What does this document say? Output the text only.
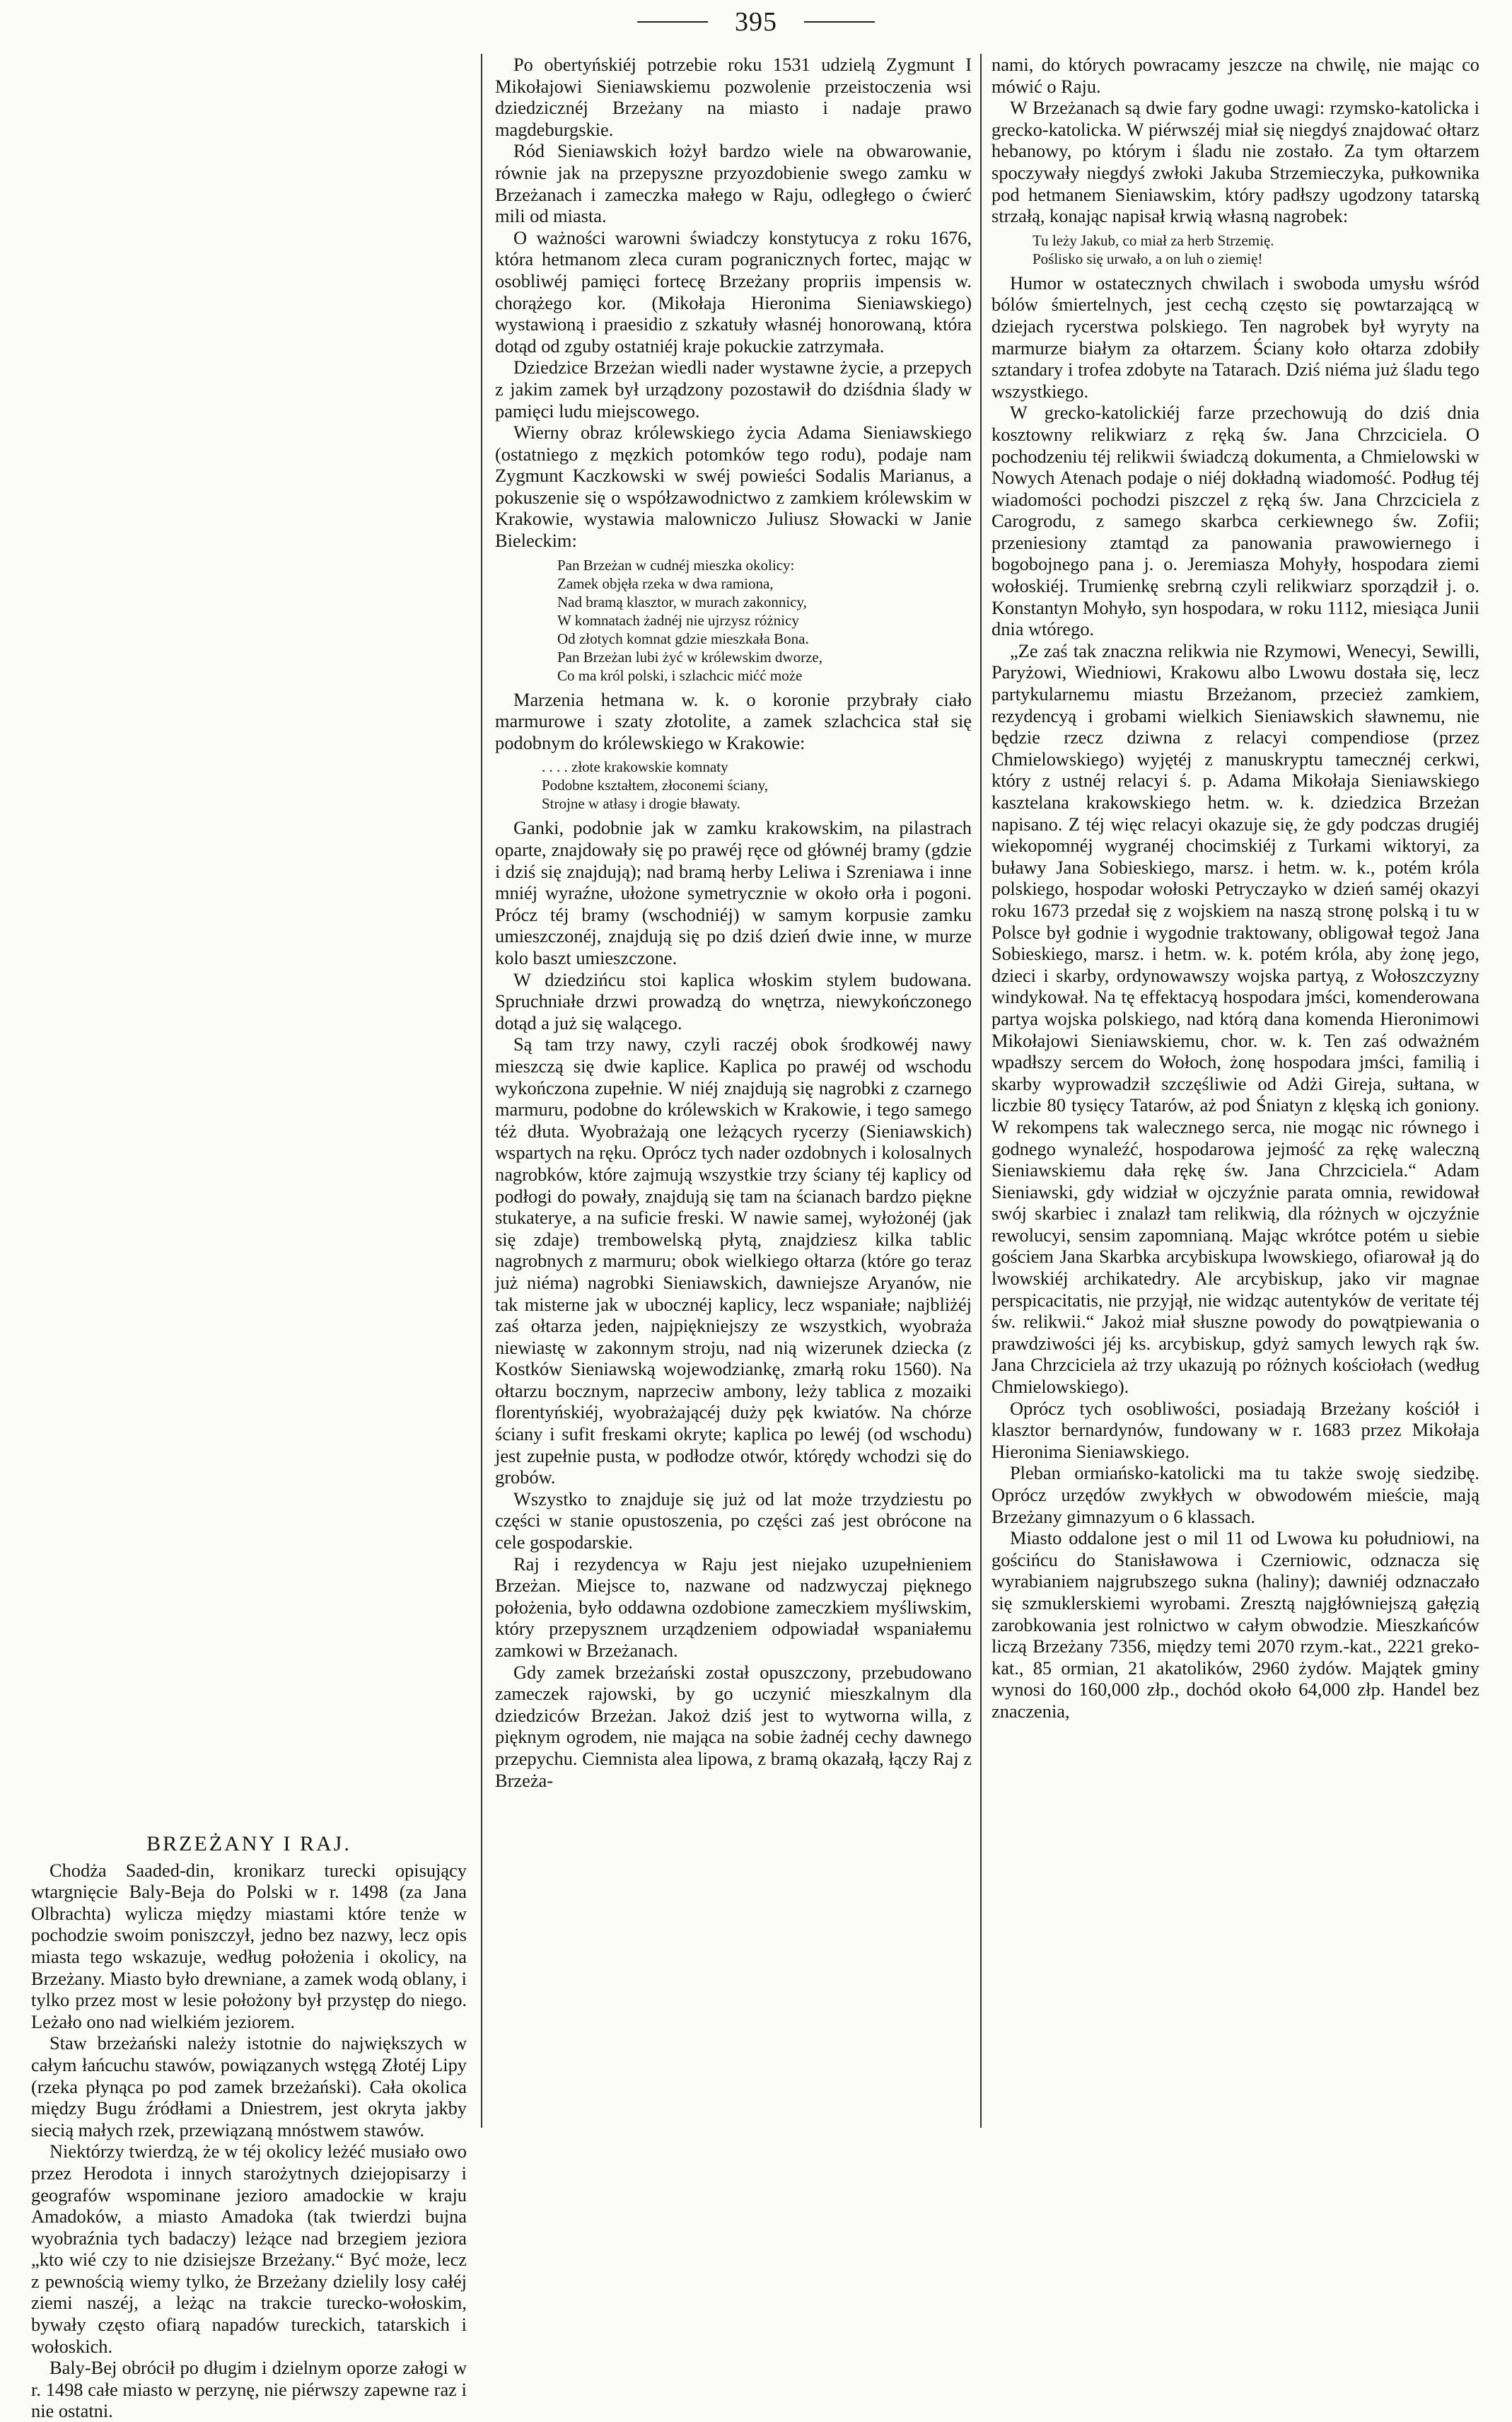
395
BRZEŻANY I RAJ.

Chodża Saaded-din, kronikarz turecki opisujący wtargnięcie Baly-Beja do Polski w r. 1498 (za Jana Olbrachta) wylicza między miastami które tenże w pochodzie swoim poniszczył, jedno bez nazwy, lecz opis miasta tego wskazuje, według położenia i okolicy, na Brzeżany. Miasto było drewniane, a zamek wodą oblany, i tylko przez most w lesie położony był przystęp do niego. Leżało ono nad wielkiém jeziorem.

Staw brzeżański należy istotnie do największych w całym łańcuchu stawów, powiązanych wstęgą Złotéj Lipy (rzeka płynąca po pod zamek brzeżański). Cała okolica między Bugu źródłami a Dniestrem, jest okryta jakby siecią małych rzek, przewiązaną mnóstwem stawów.

Niektórzy twierdzą, że w téj okolicy leżéć musiało owo przez Herodota i innych starożytnych dziejopisarzy i geografów wspominane jezioro amadockie w kraju Amadoków, a miasto Amadoka (tak twierdzi bujna wyobraźnia tych badaczy) leżące nad brzegiem jeziora „kto wié czy to nie dzisiejsze Brzeżany.“ Być może, lecz z pewnością wiemy tylko, że Brzeżany dzielily losy całéj ziemi naszéj, a leżąc na trakcie turecko-wołoskim, bywały często ofiarą napadów tureckich, tatarskich i wołoskich.

Baly-Bej obrócił po długim i dzielnym oporze załogi w r. 1498 całe miasto w perzynę, nie piérwszy zapewne raz i nie ostatni.

Po obertyńskiéj potrzebie roku 1531 udzielą Zygmunt I Mikołajowi Sieniawskiemu pozwolenie przeistoczenia wsi dziedzicznéj Brzeżany na miasto i nadaje prawo magdeburgskie.

Ród Sieniawskich łożył bardzo wiele na obwarowanie, równie jak na przepyszne przyozdobienie swego zamku w Brzeżanach i zameczka małego w Raju, odległego o ćwierć mili od miasta.

O ważności warowni świadczy konstytucya z roku 1676, która hetmanom zleca curam pogranicznych fortec, mając w osobliwéj pamięci fortecę Brzeżany propriis impensis w. chorążego kor. (Mikołaja Hieronima Sieniawskiego) wystawioną i praesidio z szkatuły własnéj honorowaną, która dotąd od zguby ostatniéj kraje pokuckie zatrzymała.

Dziedzice Brzeżan wiedli nader wystawne życie, a przepych z jakim zamek był urządzony pozostawił do dziśdnia ślady w pamięci ludu miejscowego.

Wierny obraz królewskiego życia Adama Sieniawskiego (ostatniego z męzkich potomków tego rodu), podaje nam Zygmunt Kaczkowski w swéj powieści Sodalis Marianus, a pokuszenie się o współzawodnictwo z zamkiem królewskim w Krakowie, wystawia malowniczo Juliusz Słowacki w Janie Bieleckim:

Pan Brzeżan w cudnéj mieszka okolicy:
Zamek objęła rzeka w dwa ramiona,
Nad bramą klasztor, w murach zakonnicy,
W komnatach żadnéj nie ujrzysz różnicy
Od złotych komnat gdzie mieszkała Bona.
Pan Brzeżan lubi żyć w królewskim dworze,
Co ma król polski, i szlachcic mićć może

Marzenia hetmana w. k. o koronie przybrały ciało marmurowe i szaty złotolite, a zamek szlachcica stał się podobnym do królewskiego w Krakowie:

. . . . złote krakowskie komnaty
Podobne kształtem, złoconemi ściany,
Strojne w atłasy i drogie bławaty.

Ganki, podobnie jak w zamku krakowskim, na pilastrach oparte, znajdowały się po prawéj ręce od głównéj bramy (gdzie i dziś się znajdują); nad bramą herby Leliwa i Szreniawa i inne mniéj wyraźne, ułożone symetrycznie w około orła i pogoni. Prócz téj bramy (wschodniéj) w samym korpusie zamku umieszczonéj, znajdują się po dziś dzień dwie inne, w murze kolo baszt umieszczone.

W dziedzińcu stoi kaplica włoskim stylem budowana. Spruchniałe drzwi prowadzą do wnętrza, niewykończonego dotąd a już się walącego.

Są tam trzy nawy, czyli raczéj obok środkowéj nawy mieszczą się dwie kaplice. Kaplica po prawéj od wschodu wykończona zupełnie. W niéj znajdują się nagrobki z czarnego marmuru, podobne do królewskich w Krakowie, i tego samego téż dłuta. Wyobrażają one leżących rycerzy (Sieniawskich) wspartych na ręku. Oprócz tych nader ozdobnych i kolosalnych nagrobków, które zajmują wszystkie trzy ściany téj kaplicy od podłogi do powały, znajdują się tam na ścianach bardzo piękne stukaterye, a na suficie freski. W nawie samej, wyłożonéj (jak się zdaje) trembowelską płytą, znajdziesz kilka tablic nagrobnych z marmuru; obok wielkiego ołtarza (które go teraz już niéma) nagrobki Sieniawskich, dawniejsze Aryanów, nie tak misterne jak w ubocznéj kaplicy, lecz wspaniałe; najbliżéj zaś ołtarza jeden, najpiękniejszy ze wszystkich, wyobraża niewiastę w zakonnym stroju, nad nią wizerunek dziecka (z Kostków Sieniawską wojewodziankę, zmarłą roku 1560). Na ołtarzu bocznym, naprzeciw ambony, leży tablica z mozaiki florentyńskiéj, wyobrażającéj duży pęk kwiatów. Na chórze ściany i sufit freskami okryte; kaplica po lewéj (od wschodu) jest zupełnie pusta, w podłodze otwór, którędy wchodzi się do grobów.

Wszystko to znajduje się już od lat może trzydziestu po części w stanie opustoszenia, po części zaś jest obrócone na cele gospodarskie.

Raj i rezydencya w Raju jest niejako uzupełnieniem Brzeżan. Miejsce to, nazwane od nadzwyczaj pięknego położenia, było oddawna ozdobione zameczkiem myśliwskim, który przepysznem urządzeniem odpowiadał wspaniałemu zamkowi w Brzeżanach.

Gdy zamek brzeżański został opuszczony, przebudowano zameczek rajowski, by go uczynić mieszkalnym dla dziedziców Brzeżan. Jakoż dziś jest to wytworna willa, z pięknym ogrodem, nie mająca na sobie żadnéj cechy dawnego przepychu. Ciemnista alea lipowa, z bramą okazałą, łączy Raj z Brzeża-

nami, do których powracamy jeszcze na chwilę, nie mając co mówić o Raju.

W Brzeżanach są dwie fary godne uwagi: rzymsko-katolicka i grecko-katolicka. W piérwszéj miał się niegdyś znajdować ołtarz hebanowy, po którym i śladu nie zostało. Za tym ołtarzem spoczywały niegdyś zwłoki Jakuba Strzemieczyka, pułkownika pod hetmanem Sieniawskim, który padłszy ugodzony tatarską strzałą, konając napisał krwią własną nagrobek:

Tu leży Jakub, co miał za herb Strzemię.
Poślisko się urwało, a on luh o ziemię!

Humor w ostatecznych chwilach i swoboda umysłu wśród bólów śmiertelnych, jest cechą często się powtarzającą w dziejach rycerstwa polskiego. Ten nagrobek był wyryty na marmurze białym za ołtarzem. Ściany koło ołtarza zdobiły sztandary i trofea zdobyte na Tatarach. Dziś niéma już śladu tego wszystkiego.

W grecko-katolickiéj farze przechowują do dziś dnia kosztowny relikwiarz z ręką św. Jana Chrzciciela. O pochodzeniu téj relikwii świadczą dokumenta, a Chmielowski w Nowych Atenach podaje o niéj dokładną wiadomość. Podług téj wiadomości pochodzi piszczel z ręką św. Jana Chrzciciela z Carogrodu, z samego skarbca cerkiewnego św. Zofii; przeniesiony ztamtąd za panowania prawowiernego i bogobojnego pana j. o. Jeremiasza Mohyły, hospodara ziemi wołoskiéj. Trumienkę srebrną czyli relikwiarz sporządził j. o. Konstantyn Mohyło, syn hospodara, w roku 1112, miesiąca Junii dnia wtórego.

„Ze zaś tak znaczna relikwia nie Rzymowi, Wenecyi, Sewilli, Paryżowi, Wiedniowi, Krakowu albo Lwowu dostała się, lecz partykularnemu miastu Brzeżanom, przecież zamkiem, rezydencyą i grobami wielkich Sieniawskich sławnemu, nie będzie rzecz dziwna z relacyi compendiose (przez Chmielowskiego) wyjętéj z manuskryptu tamecznéj cerkwi, który z ustnéj relacyi ś. p. Adama Mikołaja Sieniawskiego kasztelana krakowskiego hetm. w. k. dziedzica Brzeżan napisano. Z téj więc relacyi okazuje się, że gdy podczas drugiéj wiekopomnéj wygranéj chocimskiéj z Turkami wiktoryi, za buławy Jana Sobieskiego, marsz. i hetm. w. k., potém króla polskiego, hospodar wołoski Petryczayko w dzień saméj okazyi roku 1673 przedał się z wojskiem na naszą stronę polską i tu w Polsce był godnie i wygodnie traktowany, obligował tegoż Jana Sobieskiego, marsz. i hetm. w. k. potém króla, aby żonę jego, dzieci i skarby, ordynowawszy wojska partyą, z Wołoszczyzny windykował. Na tę effektacyą hospodara jmści, komenderowana partya wojska polskiego, nad którą dana komenda Hieronimowi Mikołajowi Sieniawskiemu, chor. w. k. Ten zaś odważném wpadłszy sercem do Wołoch, żonę hospodara jmści, familią i skarby wyprowadził szczęśliwie od Adżi Gireja, sułtana, w liczbie 80 tysięcy Tatarów, aż pod Śniatyn z klęską ich goniony. W rekompens tak walecznego serca, nie mogąc nic równego i godnego wynaleźć, hospodarowa jejmość za rękę waleczną Sieniawskiemu dała rękę św. Jana Chrzciciela.“ Adam Sieniawski, gdy widział w ojczyźnie parata omnia, rewidował swój skarbiec i znalazł tam relikwią, dla różnych w ojczyźnie rewolucyi, sensim zapomnianą. Mając wkrótce potém u siebie gościem Jana Skarbka arcybiskupa lwowskiego, ofiarował ją do lwowskiéj archikatedry. Ale arcybiskup, jako vir magnae perspicacitatis, nie przyjął, nie widząc autentyków de veritate téj św. relikwii.“ Jakoż miał słuszne powody do powątpiewania o prawdziwości jéj ks. arcybiskup, gdyż samych lewych rąk św. Jana Chrzciciela aż trzy ukazują po różnych kościołach (według Chmielowskiego).

Oprócz tych osobliwości, posiadają Brzeżany kościół i klasztor bernardynów, fundowany w r. 1683 przez Mikołaja Hieronima Sieniawskiego.

Pleban ormiańsko-katolicki ma tu także swoję siedzibę. Oprócz urzędów zwykłych w obwodowém mieście, mają Brzeżany gimnazyum o 6 klassach.

Miasto oddalone jest o mil 11 od Lwowa ku południowi, na gościńcu do Stanisławowa i Czerniowic, odznacza się wyrabianiem najgrubszego sukna (haliny); dawniéj odznaczało się szmuklerskiemi wyrobami. Zresztą najgłówniejszą gałęzią zarobkowania jest rolnictwo w całym obwodzie. Mieszkańców liczą Brzeżany 7356, między temi 2070 rzym.-kat., 2221 greko-kat., 85 ormian, 21 akatolików, 2960 żydów. Majątek gminy wynosi do 160,000 złp., dochód około 64,000 złp. Handel bez znaczenia,
